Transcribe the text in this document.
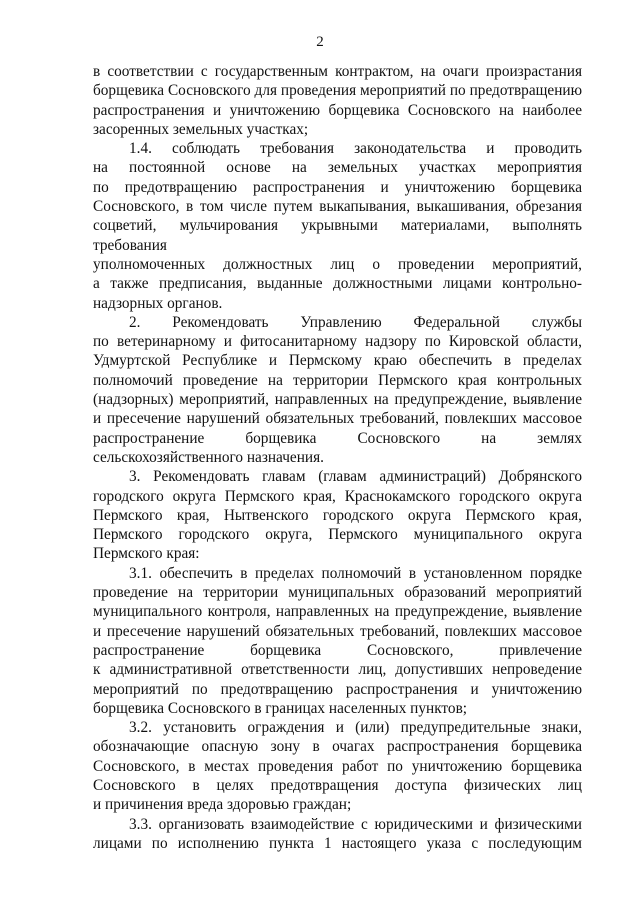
2
в соответствии с государственным контрактом, на очаги произрастания
борщевика Сосновского для проведения мероприятий по предотвращению
распространения и уничтожению борщевика Сосновского на наиболее
засоренных земельных участках;
1.4. соблюдать требования законодательства и проводить
на постоянной основе на земельных участках мероприятия
по предотвращению распространения и уничтожению борщевика
Сосновского, в том числе путем выкапывания, выкашивания, обрезания
соцветий, мульчирования укрывными материалами, выполнять требования
уполномоченных должностных лиц о проведении мероприятий,
а также предписания, выданные должностными лицами контрольно-
надзорных органов.
2. Рекомендовать Управлению Федеральной службы
по ветеринарному и фитосанитарному надзору по Кировской области,
Удмуртской Республике и Пермскому краю обеспечить в пределах
полномочий проведение на территории Пермского края контрольных
(надзорных) мероприятий, направленных на предупреждение, выявление
и пресечение нарушений обязательных требований, повлекших массовое
распространение борщевика Сосновского на землях
сельскохозяйственного назначения.
3. Рекомендовать главам (главам администраций) Добрянского
городского округа Пермского края, Краснокамского городского округа
Пермского края, Нытвенского городского округа Пермского края,
Пермского городского округа, Пермского муниципального округа
Пермского края:
3.1. обеспечить в пределах полномочий в установленном порядке
проведение на территории муниципальных образований мероприятий
муниципального контроля, направленных на предупреждение, выявление
и пресечение нарушений обязательных требований, повлекших массовое
распространение борщевика Сосновского, привлечение
к административной ответственности лиц, допустивших непроведение
мероприятий по предотвращению распространения и уничтожению
борщевика Сосновского в границах населенных пунктов;
3.2. установить ограждения и (или) предупредительные знаки,
обозначающие опасную зону в очагах распространения борщевика
Сосновского, в местах проведения работ по уничтожению борщевика
Сосновского в целях предотвращения доступа физических лиц
и причинения вреда здоровью граждан;
3.3. организовать взаимодействие с юридическими и физическими
лицами по исполнению пункта 1 настоящего указа с последующим
